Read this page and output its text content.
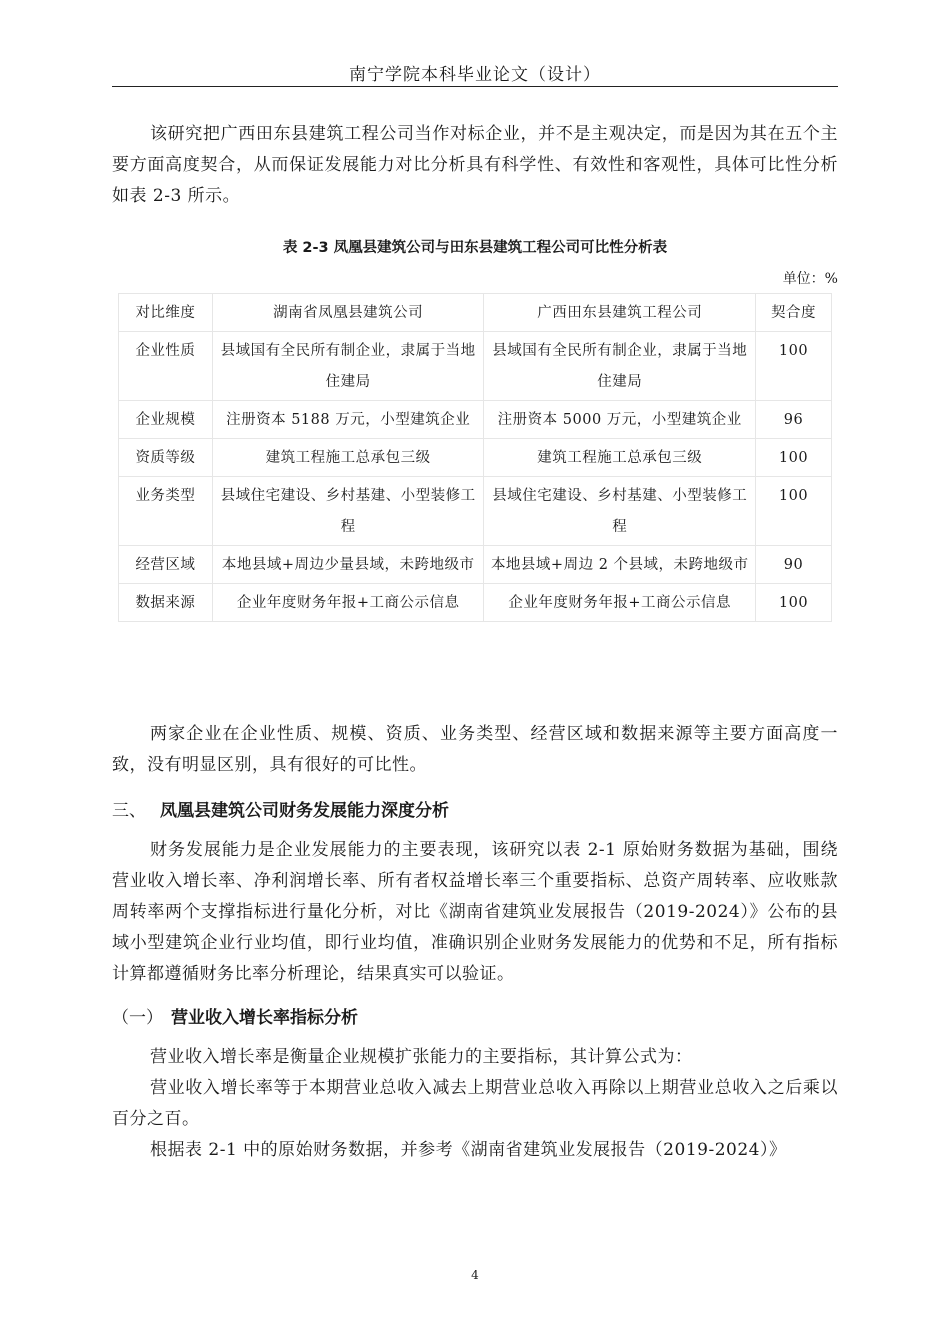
南宁学院本科毕业论文（设计）

该研究把广西田东县建筑工程公司当作对标企业，并不是主观决定，而是因为其在五个主要方面高度契合，从而保证发展能力对比分析具有科学性、有效性和客观性，具体可比性分析如表 2-3 所示。

表 2-3 凤凰县建筑公司与田东县建筑工程公司可比性分析表
单位：%
对比维度	湖南省凤凰县建筑公司	广西田东县建筑工程公司	契合度
企业性质	县域国有全民所有制企业，隶属于当地住建局	县域国有全民所有制企业，隶属于当地住建局	100
企业规模	注册资本 5188 万元，小型建筑企业	注册资本 5000 万元，小型建筑企业	96
资质等级	建筑工程施工总承包三级	建筑工程施工总承包三级	100
业务类型	县域住宅建设、乡村基建、小型装修工程	县域住宅建设、乡村基建、小型装修工程	100
经营区域	本地县域+周边少量县域，未跨地级市	本地县域+周边 2 个县域，未跨地级市	90
数据来源	企业年度财务年报+工商公示信息	企业年度财务年报+工商公示信息	100

两家企业在企业性质、规模、资质、业务类型、经营区域和数据来源等主要方面高度一致，没有明显区别，具有很好的可比性。

三、 凤凰县建筑公司财务发展能力深度分析

财务发展能力是企业发展能力的主要表现，该研究以表 2-1 原始财务数据为基础，围绕营业收入增长率、净利润增长率、所有者权益增长率三个重要指标、总资产周转率、应收账款周转率两个支撑指标进行量化分析，对比《湖南省建筑业发展报告（2019-2024）》公布的县域小型建筑企业行业均值，即行业均值，准确识别企业财务发展能力的优势和不足，所有指标计算都遵循财务比率分析理论，结果真实可以验证。

（一） 营业收入增长率指标分析

营业收入增长率是衡量企业规模扩张能力的主要指标，其计算公式为：

营业收入增长率等于本期营业总收入减去上期营业总收入再除以上期营业总收入之后乘以百分之百。

根据表 2-1 中的原始财务数据，并参考《湖南省建筑业发展报告（2019-2024）》

4
